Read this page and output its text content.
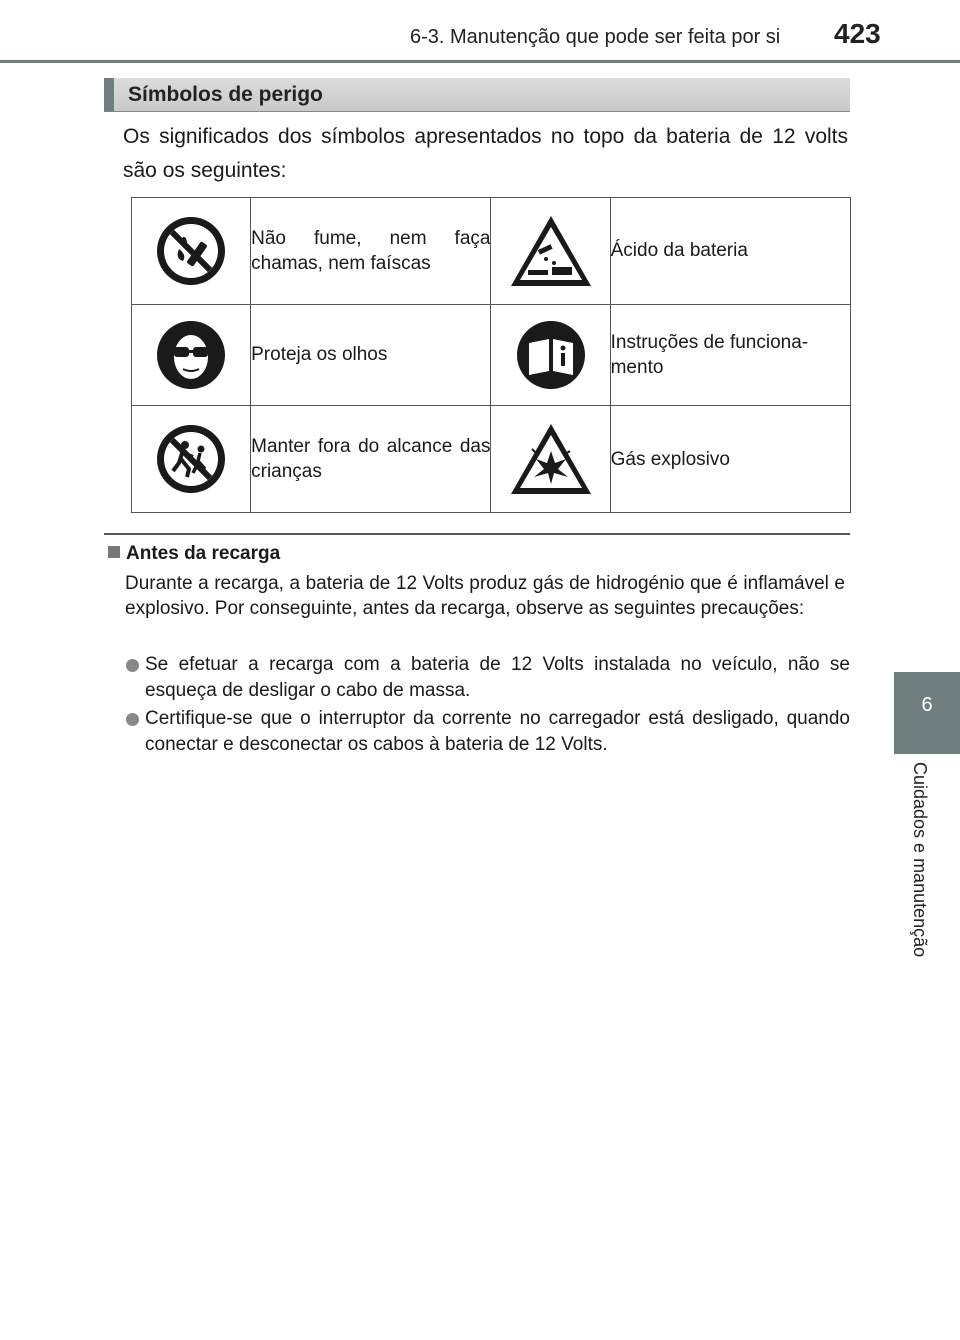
6-3. Manutenção que pode ser feita por si 423
6
Cuidados e manutenção
Símbolos de perigo
Os significados dos símbolos apresentados no topo da bateria de 12 volts são os seguintes:
	Não fume, nem faça chamas, nem faíscas		Ácido da bateria

	Proteja os olhos		Instruções de funciona-mento

	Manter fora do alcance das crianças		Gás explosivo
Antes da recarga
Durante a recarga, a bateria de 12 Volts produz gás de hidrogénio que é inflamável e explosivo. Por conseguinte, antes da recarga, observe as seguintes precauções:
Se efetuar a recarga com a bateria de 12 Volts instalada no veículo, não se esqueça de desligar o cabo de massa.
Certifique-se que o interruptor da corrente no carregador está desligado, quando conectar e desconectar os cabos à bateria de 12 Volts.
